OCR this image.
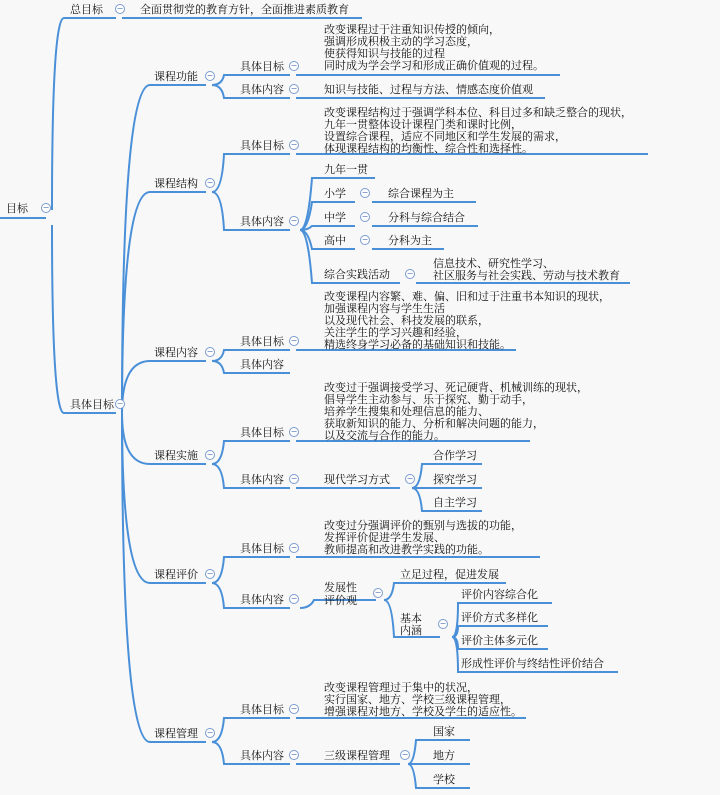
目标
−
总目标 −	全面贯彻党的教育方针，全面推进素质教育
具体目标
−
课程功能
−
具体目标
−
改变课程过于注重知识传授的倾向，
强调形成积极主动的学习态度，
使获得知识与技能的过程
同时成为学会学习和形成正确价值观的过程。
具体内容 −	知识与技能、过程与方法、情感态度价值观
课程结构
−
具体目标
−
改变课程结构过于强调学科本位、科目过多和缺乏整合的现状，
九年一贯整体设计课程门类和课时比例，
设置综合课程，适应不同地区和学生发展的需求，
体现课程结构的均衡性、综合性和选择性。
具体内容
−
九年一贯
小学 −	综合课程为主
中学 −	分科与综合结合
高中 −	分科为主
综合实践活动
−
信息技术、研究性学习、
社区服务与社会实践、劳动与技术教育
课程内容
−
具体目标
−
改变课程内容繁、难、偏、旧和过于注重书本知识的现状，
加强课程内容与学生生活
以及现代社会、科技发展的联系，
关注学生的学习兴趣和经验，
精选终身学习必备的基础知识和技能。
具体内容
课程实施
−
具体目标
−
改变过于强调接受学习、死记硬背、机械训练的现状，
倡导学生主动参与、乐于探究、勤于动手，
培养学生搜集和处理信息的能力、
获取新知识的能力、分析和解决问题的能力，
以及交流与合作的能力。
具体内容 −	现代学习方式
−
合作学习
探究学习
自主学习
课程评价
−
具体目标
−
改变过分强调评价的甄别与选拔的功能，
发挥评价促进学生发展、
教师提高和改进教学实践的功能。
具体内容
−
发展性
评价观
−
立足过程，促进发展
基本
内涵
−
评价内容综合化
评价方式多样化
评价主体多元化
形成性评价与终结性评价结合
课程管理
−
具体目标
−
改变课程管理过于集中的状况，
实行国家、地方、学校三级课程管理，
增强课程对地方、学校及学生的适应性。
具体内容 −	三级课程管理
−
国家
地方
学校
